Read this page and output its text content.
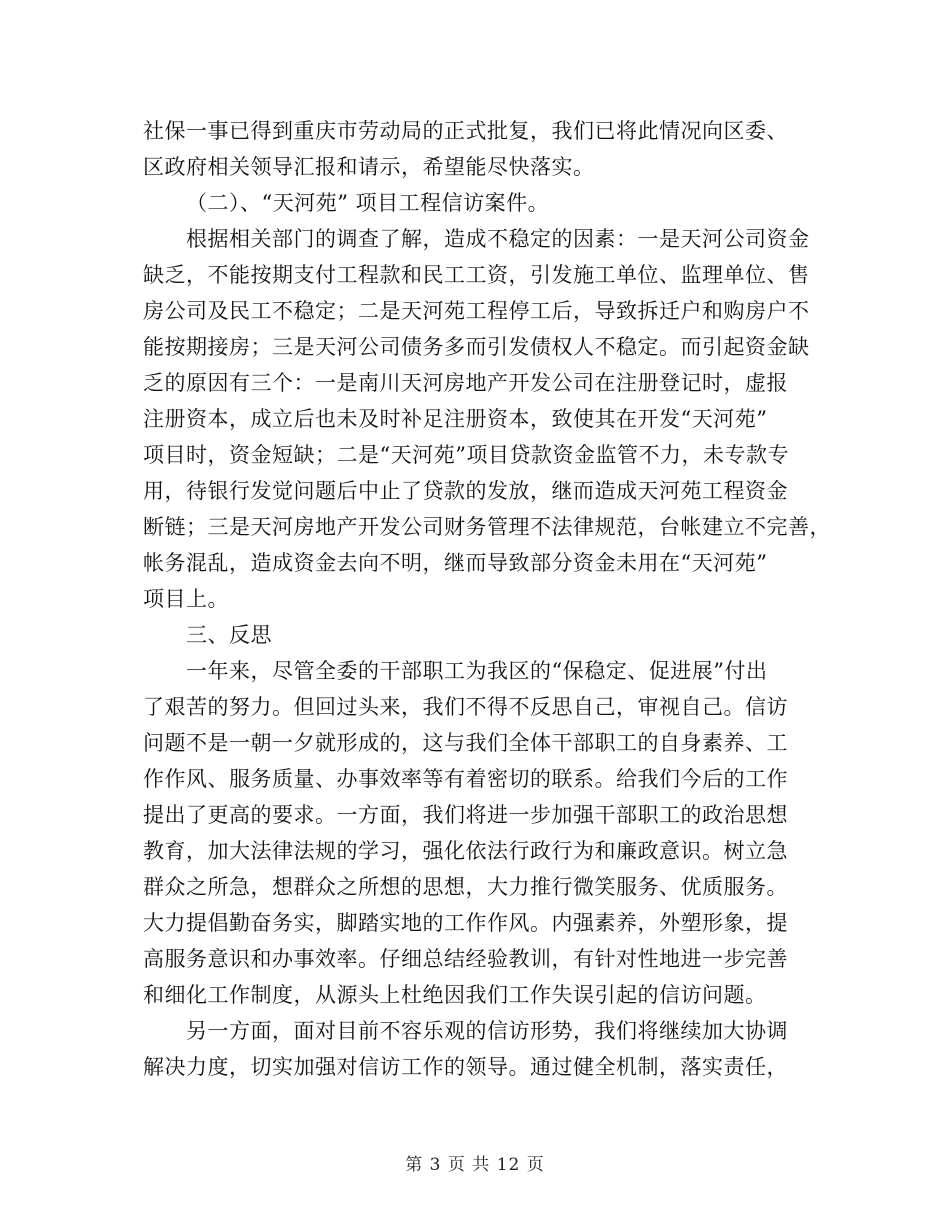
社保一事已得到重庆市劳动局的正式批复，我们已将此情况向区委、
区政府相关领导汇报和请示，希望能尽快落实。
（二）、“天河苑” 项目工程信访案件。
根据相关部门的调查了解，造成不稳定的因素：一是天河公司资金
缺乏，不能按期支付工程款和民工工资，引发施工单位、监理单位、售
房公司及民工不稳定；二是天河苑工程停工后，导致拆迁户和购房户不
能按期接房；三是天河公司债务多而引发债权人不稳定。而引起资金缺
乏的原因有三个：一是南川天河房地产开发公司在注册登记时，虚报
注册资本，成立后也未及时补足注册资本，致使其在开发“天河苑”
项目时，资金短缺；二是“天河苑”项目贷款资金监管不力，未专款专
用，待银行发觉问题后中止了贷款的发放，继而造成天河苑工程资金
断链；三是天河房地产开发公司财务管理不法律规范，台帐建立不完善，
帐务混乱，造成资金去向不明，继而导致部分资金未用在“天河苑”
项目上。
三、反思
一年来，尽管全委的干部职工为我区的“保稳定、促进展”付出
了艰苦的努力。但回过头来，我们不得不反思自己，审视自己。信访
问题不是一朝一夕就形成的，这与我们全体干部职工的自身素养、工
作作风、服务质量、办事效率等有着密切的联系。给我们今后的工作
提出了更高的要求。一方面，我们将进一步加强干部职工的政治思想
教育，加大法律法规的学习，强化依法行政行为和廉政意识。树立急
群众之所急，想群众之所想的思想，大力推行微笑服务、优质服务。
大力提倡勤奋务实，脚踏实地的工作作风。内强素养，外塑形象，提
高服务意识和办事效率。仔细总结经验教训，有针对性地进一步完善
和细化工作制度，从源头上杜绝因我们工作失误引起的信访问题。
另一方面，面对目前不容乐观的信访形势，我们将继续加大协调
解决力度，切实加强对信访工作的领导。通过健全机制，落实责任，
第 3 页 共 12 页
